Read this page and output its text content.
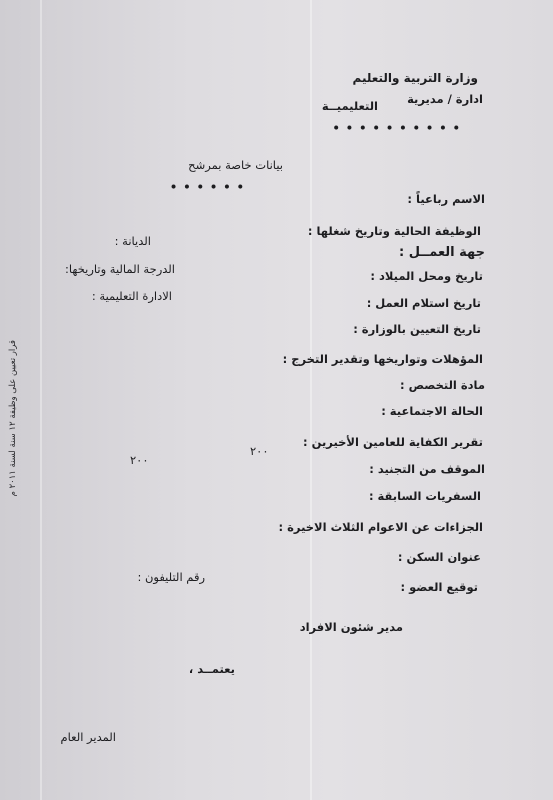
وزارة التربية والتعليم
ادارة / مديرية
التعليميــة
• • • • • • • • • •
بيانات خاصة بمرشح
• • • • • •
الاسم رباعياً :
الوظيفة الحالية وتاريخ شغلها :
جهة العمــل :
تاريخ ومحل الميلاد :
تاريخ استلام العمل :
تاريخ التعيين بالوزارة :
المؤهلات وتواريخها وتقدير التخرج :
مادة التخصص :
الحالة الاجتماعية :
تقرير الكفاية للعامين الأخيرين :
الموقف من التجنيد :
السفريات السابقة :
الجزاءات عن الاعوام الثلاث الاخيرة :
عنوان السكن :
توقيع العضو :
الديانة :
الدرجة المالية وتاريخها:
الادارة التعليمية :
٢٠٠
٢٠٠
رقم التليفون :
مدير شئون الافراد
يعتمــد ،
المدير العام
قرار تعيين على وظيفة ١٢ سنة لسنة ٢٠١١ م
